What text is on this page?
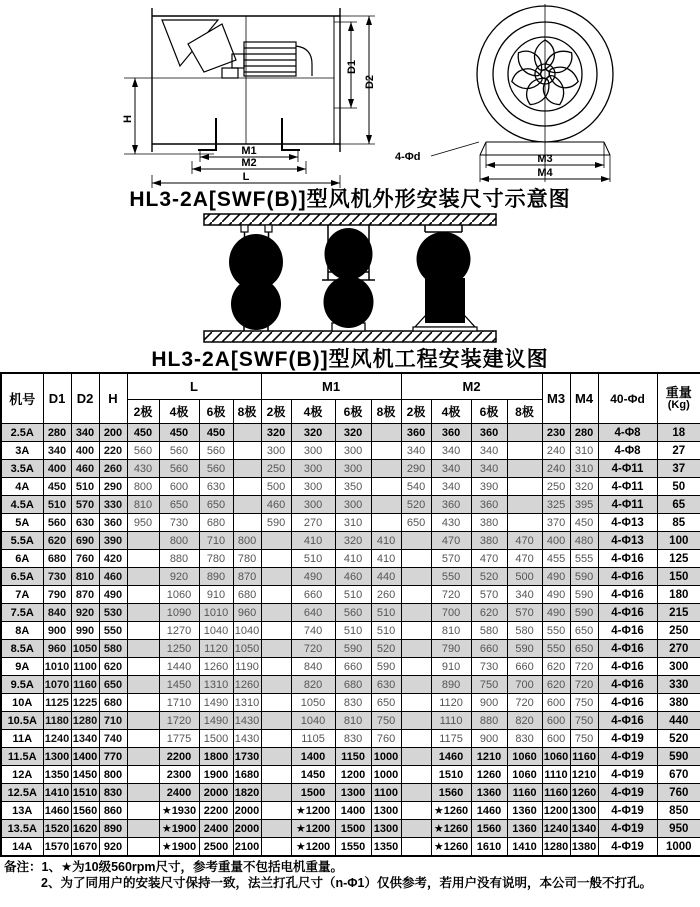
H
D1
D2
M1
M2
L
4-Φd	M3
M4
HL3-2A[SWF(B)]型风机外形安装尺寸示意图
HL3-2A[SWF(B)]型风机工程安装建议图
机号	D1	D2	H	L				M1				M2				M3	M4	40-Φd	重量
(Kg)

				2极	4极	6极	8极	2极	4极	6极	8极	2极	4极	6极	8极				
2.5A	280	340	200	450	450	450		320	320	320		360	360	360		230	280	4-Φ8	18
3A	340	400	220	560	560	560		300	300	300		340	340	340		240	310	4-Φ8	27
3.5A	400	460	260	430	560	560		250	300	300		290	340	340		240	310	4-Φ11	37
4A	450	510	290	800	600	630		500	300	350		540	340	390		250	320	4-Φ11	50
4.5A	510	570	330	810	650	650		460	300	300		520	360	360		325	395	4-Φ11	65
5A	560	630	360	950	730	680		590	270	310		650	430	380		370	450	4-Φ13	85
5.5A	620	690	390		800	710	800		410	320	410		470	380	470	400	480	4-Φ13	100
6A	680	760	420		880	780	780		510	410	410		570	470	470	455	555	4-Φ16	125
6.5A	730	810	460		920	890	870		490	460	440		550	520	500	490	590	4-Φ16	150
7A	790	870	490		1060	910	680		660	510	260		720	570	340	490	590	4-Φ16	180
7.5A	840	920	530		1090	1010	960		640	560	510		700	620	570	490	590	4-Φ16	215
8A	900	990	550		1270	1040	1040		740	510	510		810	580	580	550	650	4-Φ16	250
8.5A	960	1050	580		1250	1120	1050		720	590	520		790	660	590	550	650	4-Φ16	270
9A	1010	1100	620		1440	1260	1190		840	660	590		910	730	660	620	720	4-Φ16	300
9.5A	1070	1160	650		1450	1310	1260		820	680	630		890	750	700	620	720	4-Φ16	330
10A	1125	1225	680		1710	1490	1310		1050	830	650		1120	900	720	600	750	4-Φ16	380
10.5A	1180	1280	710		1720	1490	1430		1040	810	750		1110	880	820	600	750	4-Φ16	440
11A	1240	1340	740		1775	1500	1430		1105	830	760		1175	900	830	600	750	4-Φ19	520
11.5A	1300	1400	770		2200	1800	1730		1400	1150	1000		1460	1210	1060	1060	1160	4-Φ19	590
12A	1350	1450	800		2300	1900	1680		1450	1200	1000		1510	1260	1060	1110	1210	4-Φ19	670
12.5A	1410	1510	830		2400	2000	1820		1500	1300	1100		1560	1360	1160	1160	1260	4-Φ19	760
13A	1460	1560	860		★1930	2200	2000		★1200	1400	1300		★1260	1460	1360	1200	1300	4-Φ19	850
13.5A	1520	1620	890		★1900	2400	2000		★1200	1500	1300		★1260	1560	1360	1240	1340	4-Φ19	950
14A	1570	1670	920		★1900	2500	2100		★1200	1550	1350		★1260	1610	1410	1280	1380	4-Φ19	1000
备注：1、★为10级560rpm尺寸，参考重量不包括电机重量。
2、为了同用户的安装尺寸保持一致，法兰打孔尺寸（n-Φ1）仅供参考，若用户没有说明，本公司一般不打孔。
